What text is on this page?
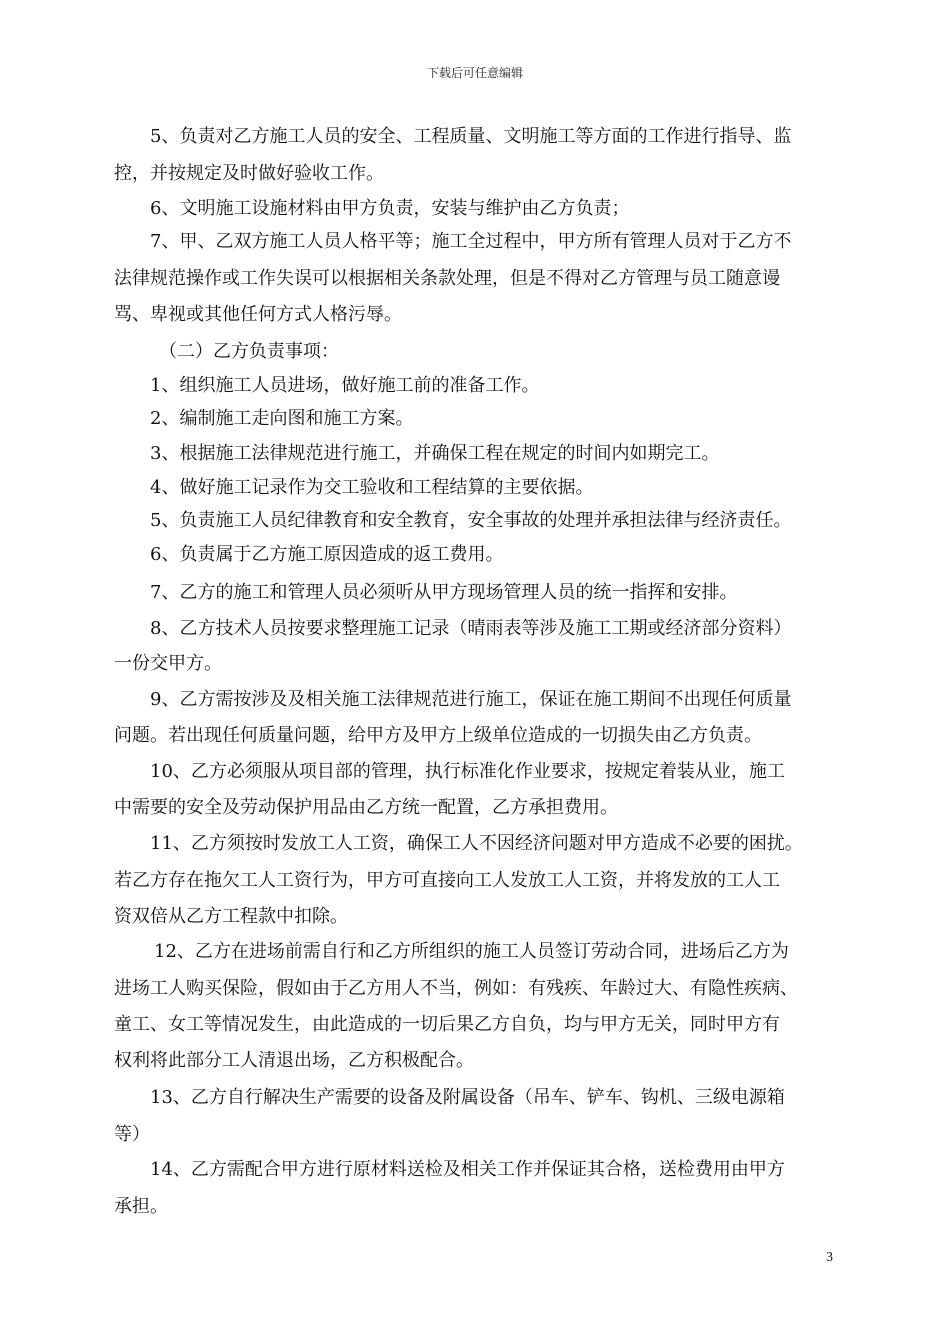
下载后可任意编辑
5、负责对乙方施工人员的安全、工程质量、文明施工等方面的工作进行指导、监
控，并按规定及时做好验收工作。
6、文明施工设施材料由甲方负责，安装与维护由乙方负责；
7、甲、乙双方施工人员人格平等；施工全过程中，甲方所有管理人员对于乙方不
法律规范操作或工作失误可以根据相关条款处理，但是不得对乙方管理与员工随意谩
骂、卑视或其他任何方式人格污辱。
（二）乙方负责事项：
1、组织施工人员进场，做好施工前的准备工作。
2、编制施工走向图和施工方案。
3、根据施工法律规范进行施工，并确保工程在规定的时间内如期完工。
4、做好施工记录作为交工验收和工程结算的主要依据。
5、负责施工人员纪律教育和安全教育，安全事故的处理并承担法律与经济责任。
6、负责属于乙方施工原因造成的返工费用。
7、乙方的施工和管理人员必须听从甲方现场管理人员的统一指挥和安排。
8、乙方技术人员按要求整理施工记录（晴雨表等涉及施工工期或经济部分资料）
一份交甲方。
9、乙方需按涉及及相关施工法律规范进行施工，保证在施工期间不出现任何质量
问题。若出现任何质量问题，给甲方及甲方上级单位造成的一切损失由乙方负责。
10、乙方必须服从项目部的管理，执行标准化作业要求，按规定着装从业，施工
中需要的安全及劳动保护用品由乙方统一配置，乙方承担费用。
11、乙方须按时发放工人工资，确保工人不因经济问题对甲方造成不必要的困扰。
若乙方存在拖欠工人工资行为，甲方可直接向工人发放工人工资，并将发放的工人工
资双倍从乙方工程款中扣除。
12、乙方在进场前需自行和乙方所组织的施工人员签订劳动合同，进场后乙方为
进场工人购买保险，假如由于乙方用人不当，例如：有残疾、年龄过大、有隐性疾病、
童工、女工等情况发生，由此造成的一切后果乙方自负，均与甲方无关，同时甲方有
权利将此部分工人清退出场，乙方积极配合。
13、乙方自行解决生产需要的设备及附属设备（吊车、铲车、钩机、三级电源箱
等）
14、乙方需配合甲方进行原材料送检及相关工作并保证其合格，送检费用由甲方
承担。
3
